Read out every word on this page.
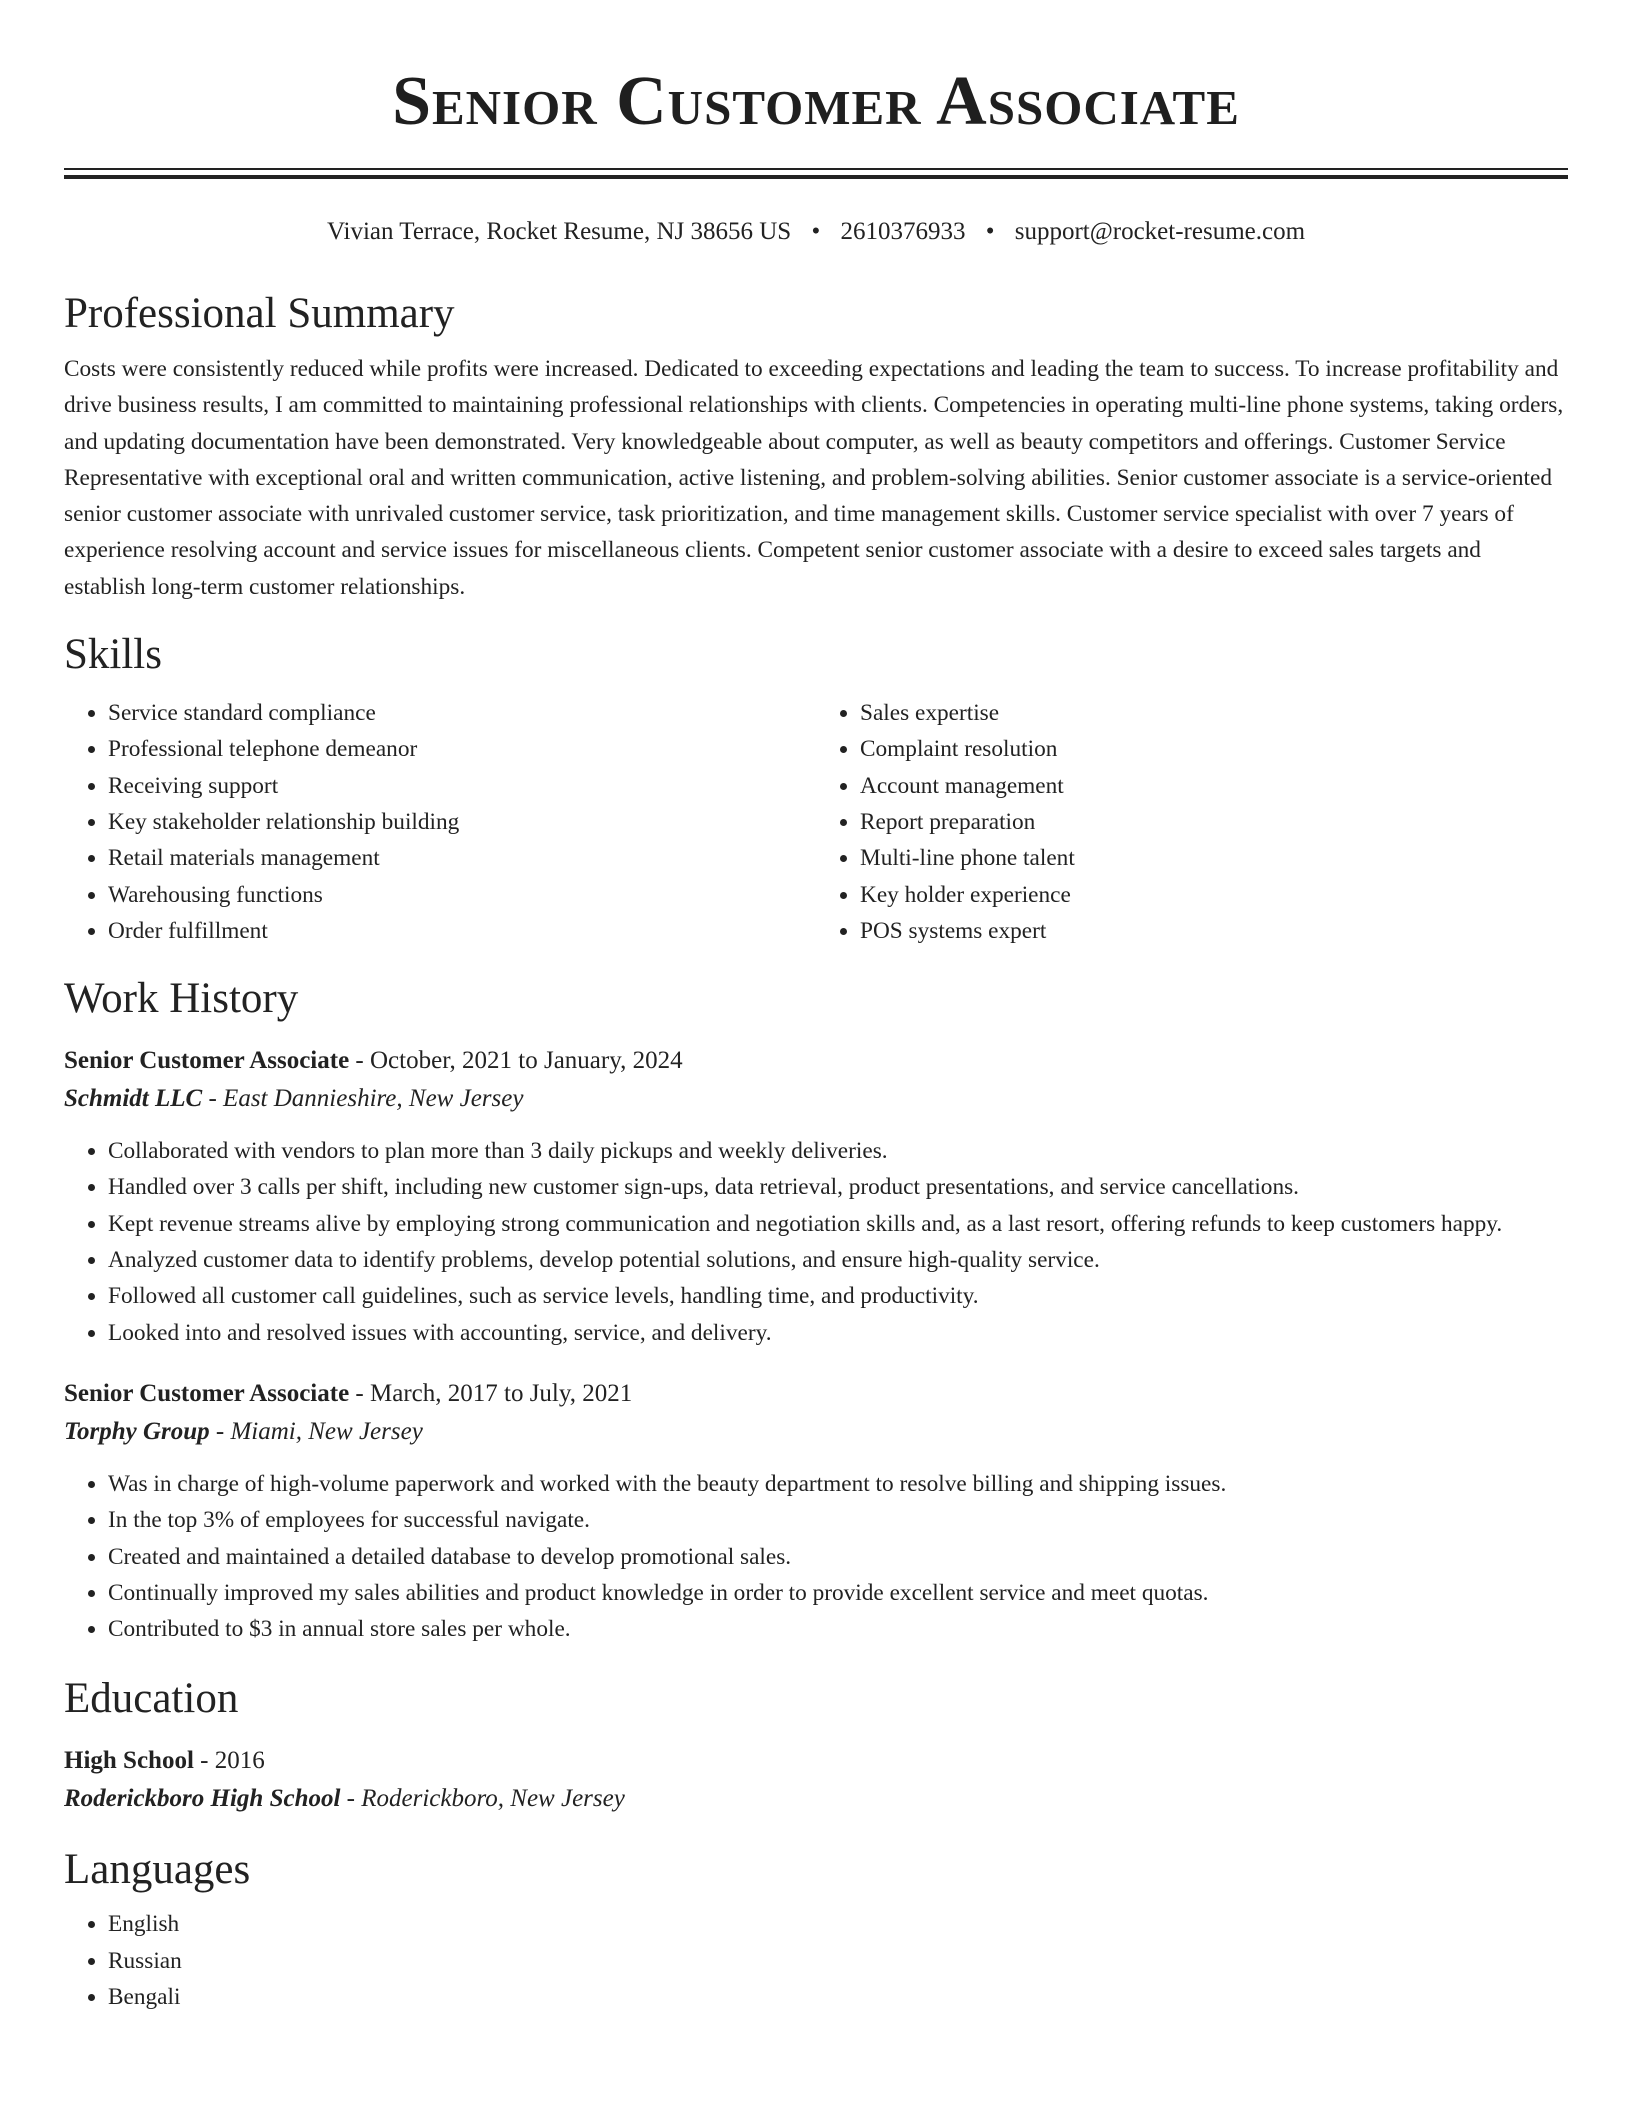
Senior Customer Associate
Vivian Terrace, Rocket Resume, NJ 38656 US • 2610376933 • support@rocket-resume.com
Professional Summary

Costs were consistently reduced while profits were increased. Dedicated to exceeding expectations and leading the team to success. To increase profitability and drive business results, I am committed to maintaining professional relationships with clients. Competencies in operating multi-line phone systems, taking orders, and updating documentation have been demonstrated. Very knowledgeable about computer, as well as beauty competitors and offerings. Customer Service Representative with exceptional oral and written communication, active listening, and problem-solving abilities. Senior customer associate is a service-oriented senior customer associate with unrivaled customer service, task prioritization, and time management skills. Customer service specialist with over 7 years of experience resolving account and service issues for miscellaneous clients. Competent senior customer associate with a desire to exceed sales targets and establish long-term customer relationships.

Skills
• Service standard compliance
• Professional telephone demeanor
• Receiving support
• Key stakeholder relationship building
• Retail materials management
• Warehousing functions
• Order fulfillment
• Sales expertise
• Complaint resolution
• Account management
• Report preparation
• Multi-line phone talent
• Key holder experience
• POS systems expert
Work History
Senior Customer Associate - October, 2021 to January, 2024
Schmidt LLC - East Dannieshire, New Jersey
• Collaborated with vendors to plan more than 3 daily pickups and weekly deliveries.
• Handled over 3 calls per shift, including new customer sign-ups, data retrieval, product presentations, and service cancellations.
• Kept revenue streams alive by employing strong communication and negotiation skills and, as a last resort, offering refunds to keep customers happy.
• Analyzed customer data to identify problems, develop potential solutions, and ensure high-quality service.
• Followed all customer call guidelines, such as service levels, handling time, and productivity.
• Looked into and resolved issues with accounting, service, and delivery.
Senior Customer Associate - March, 2017 to July, 2021
Torphy Group - Miami, New Jersey
• Was in charge of high-volume paperwork and worked with the beauty department to resolve billing and shipping issues.
• In the top 3% of employees for successful navigate.
• Created and maintained a detailed database to develop promotional sales.
• Continually improved my sales abilities and product knowledge in order to provide excellent service and meet quotas.
• Contributed to $3 in annual store sales per whole.
Education
High School - 2016
Roderickboro High School - Roderickboro, New Jersey
Languages
• English
• Russian
• Bengali
